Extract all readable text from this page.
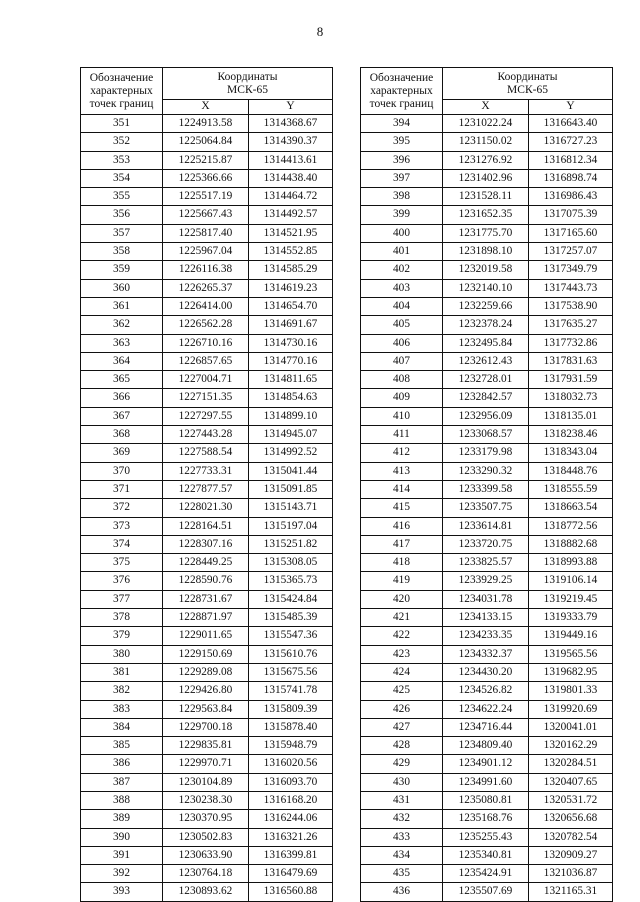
8
Обозначение
характерных
точек границ	Координаты
МСК-65	
	X	Y
351	1224913.58	1314368.67
352	1225064.84	1314390.37
353	1225215.87	1314413.61
354	1225366.66	1314438.40
355	1225517.19	1314464.72
356	1225667.43	1314492.57
357	1225817.40	1314521.95
358	1225967.04	1314552.85
359	1226116.38	1314585.29
360	1226265.37	1314619.23
361	1226414.00	1314654.70
362	1226562.28	1314691.67
363	1226710.16	1314730.16
364	1226857.65	1314770.16
365	1227004.71	1314811.65
366	1227151.35	1314854.63
367	1227297.55	1314899.10
368	1227443.28	1314945.07
369	1227588.54	1314992.52
370	1227733.31	1315041.44
371	1227877.57	1315091.85
372	1228021.30	1315143.71
373	1228164.51	1315197.04
374	1228307.16	1315251.82
375	1228449.25	1315308.05
376	1228590.76	1315365.73
377	1228731.67	1315424.84
378	1228871.97	1315485.39
379	1229011.65	1315547.36
380	1229150.69	1315610.76
381	1229289.08	1315675.56
382	1229426.80	1315741.78
383	1229563.84	1315809.39
384	1229700.18	1315878.40
385	1229835.81	1315948.79
386	1229970.71	1316020.56
387	1230104.89	1316093.70
388	1230238.30	1316168.20
389	1230370.95	1316244.06
390	1230502.83	1316321.26
391	1230633.90	1316399.81
392	1230764.18	1316479.69
393	1230893.62	1316560.88
Обозначение
характерных
точек границ	Координаты
МСК-65	
	X	Y
394	1231022.24	1316643.40
395	1231150.02	1316727.23
396	1231276.92	1316812.34
397	1231402.96	1316898.74
398	1231528.11	1316986.43
399	1231652.35	1317075.39
400	1231775.70	1317165.60
401	1231898.10	1317257.07
402	1232019.58	1317349.79
403	1232140.10	1317443.73
404	1232259.66	1317538.90
405	1232378.24	1317635.27
406	1232495.84	1317732.86
407	1232612.43	1317831.63
408	1232728.01	1317931.59
409	1232842.57	1318032.73
410	1232956.09	1318135.01
411	1233068.57	1318238.46
412	1233179.98	1318343.04
413	1233290.32	1318448.76
414	1233399.58	1318555.59
415	1233507.75	1318663.54
416	1233614.81	1318772.56
417	1233720.75	1318882.68
418	1233825.57	1318993.88
419	1233929.25	1319106.14
420	1234031.78	1319219.45
421	1234133.15	1319333.79
422	1234233.35	1319449.16
423	1234332.37	1319565.56
424	1234430.20	1319682.95
425	1234526.82	1319801.33
426	1234622.24	1319920.69
427	1234716.44	1320041.01
428	1234809.40	1320162.29
429	1234901.12	1320284.51
430	1234991.60	1320407.65
431	1235080.81	1320531.72
432	1235168.76	1320656.68
433	1235255.43	1320782.54
434	1235340.81	1320909.27
435	1235424.91	1321036.87
436	1235507.69	1321165.31
